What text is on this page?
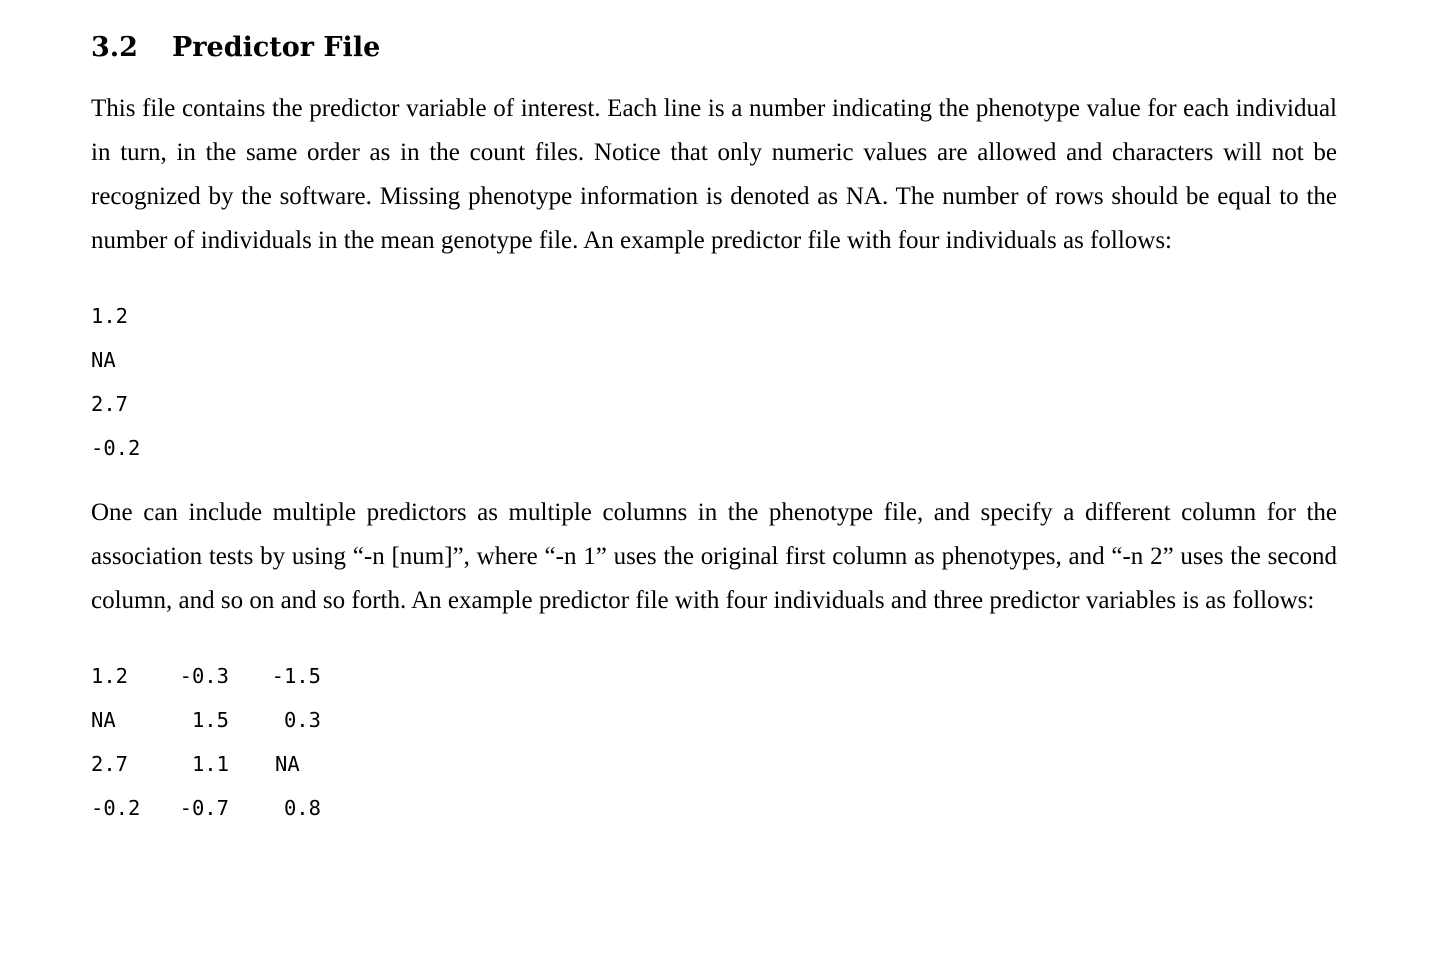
3.2 Predictor File

This file contains the predictor variable of interest. Each line is a number indicating the phenotype value for each individual in turn, in the same order as in the count files. Notice that only numeric values are allowed and characters will not be recognized by the software. Missing phenotype information is denoted as NA. The number of rows should be equal to the number of individuals in the mean genotype file. An example predictor file with four individuals as follows:

1.2
NA
2.7
-0.2

One can include multiple predictors as multiple columns in the phenotype file, and specify a different column for the association tests by using “-n [num]”, where “-n 1” uses the original first column as phenotypes, and “-n 2” uses the second column, and so on and so forth. An example predictor file with four individuals and three predictor variables is as follows:

1.2	-0.3 -1.5
NA	1.5	0.3
2.7	1.1 NA
-0.2 -0.7	0.8
